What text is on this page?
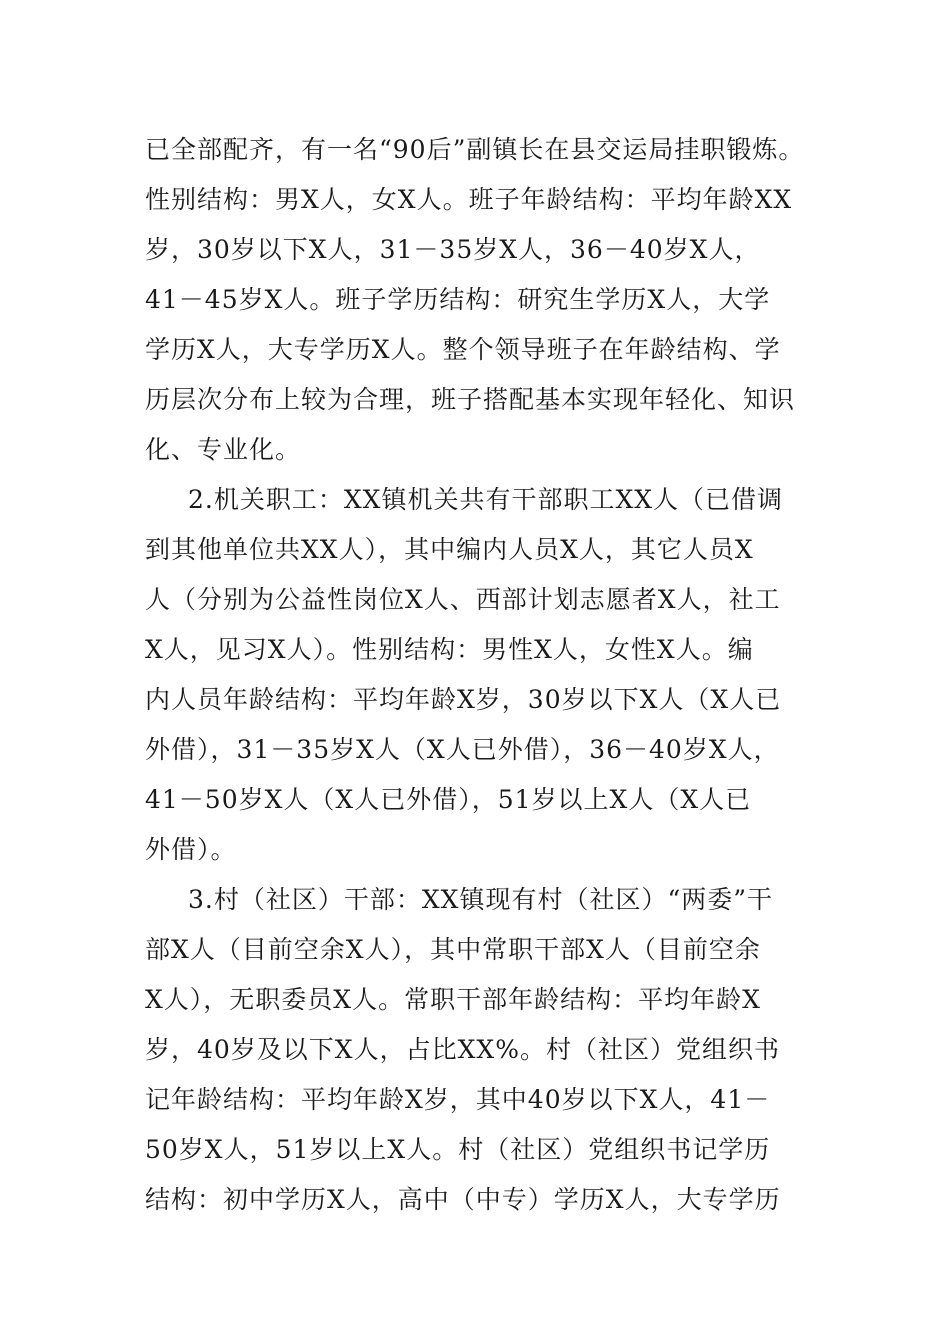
已全部配齐，有一名“90后”副镇长在县交运局挂职锻炼。
性别结构：男X人，女X人。班子年龄结构：平均年龄XX
岁，30岁以下X人，31－35岁X人，36－40岁X人，
41－45岁X人。班子学历结构：研究生学历X人，大学
学历X人，大专学历X人。整个领导班子在年龄结构、学
历层次分布上较为合理，班子搭配基本实现年轻化、知识
化、专业化。
2.机关职工：XX镇机关共有干部职工XX人（已借调
到其他单位共XX人），其中编内人员X人，其它人员X
人（分别为公益性岗位X人、西部计划志愿者X人，社工
X人，见习X人）。性别结构：男性X人，女性X人。编
内人员年龄结构：平均年龄X岁，30岁以下X人（X人已
外借），31－35岁X人（X人已外借），36－40岁X人，
41－50岁X人（X人已外借），51岁以上X人（X人已
外借）。
3.村（社区）干部：XX镇现有村（社区）“两委”干
部X人（目前空余X人），其中常职干部X人（目前空余
X人），无职委员X人。常职干部年龄结构：平均年龄X
岁，40岁及以下X人，占比XX%。村（社区）党组织书
记年龄结构：平均年龄X岁，其中40岁以下X人，41－
50岁X人，51岁以上X人。村（社区）党组织书记学历
结构：初中学历X人，高中（中专）学历X人，大专学历
